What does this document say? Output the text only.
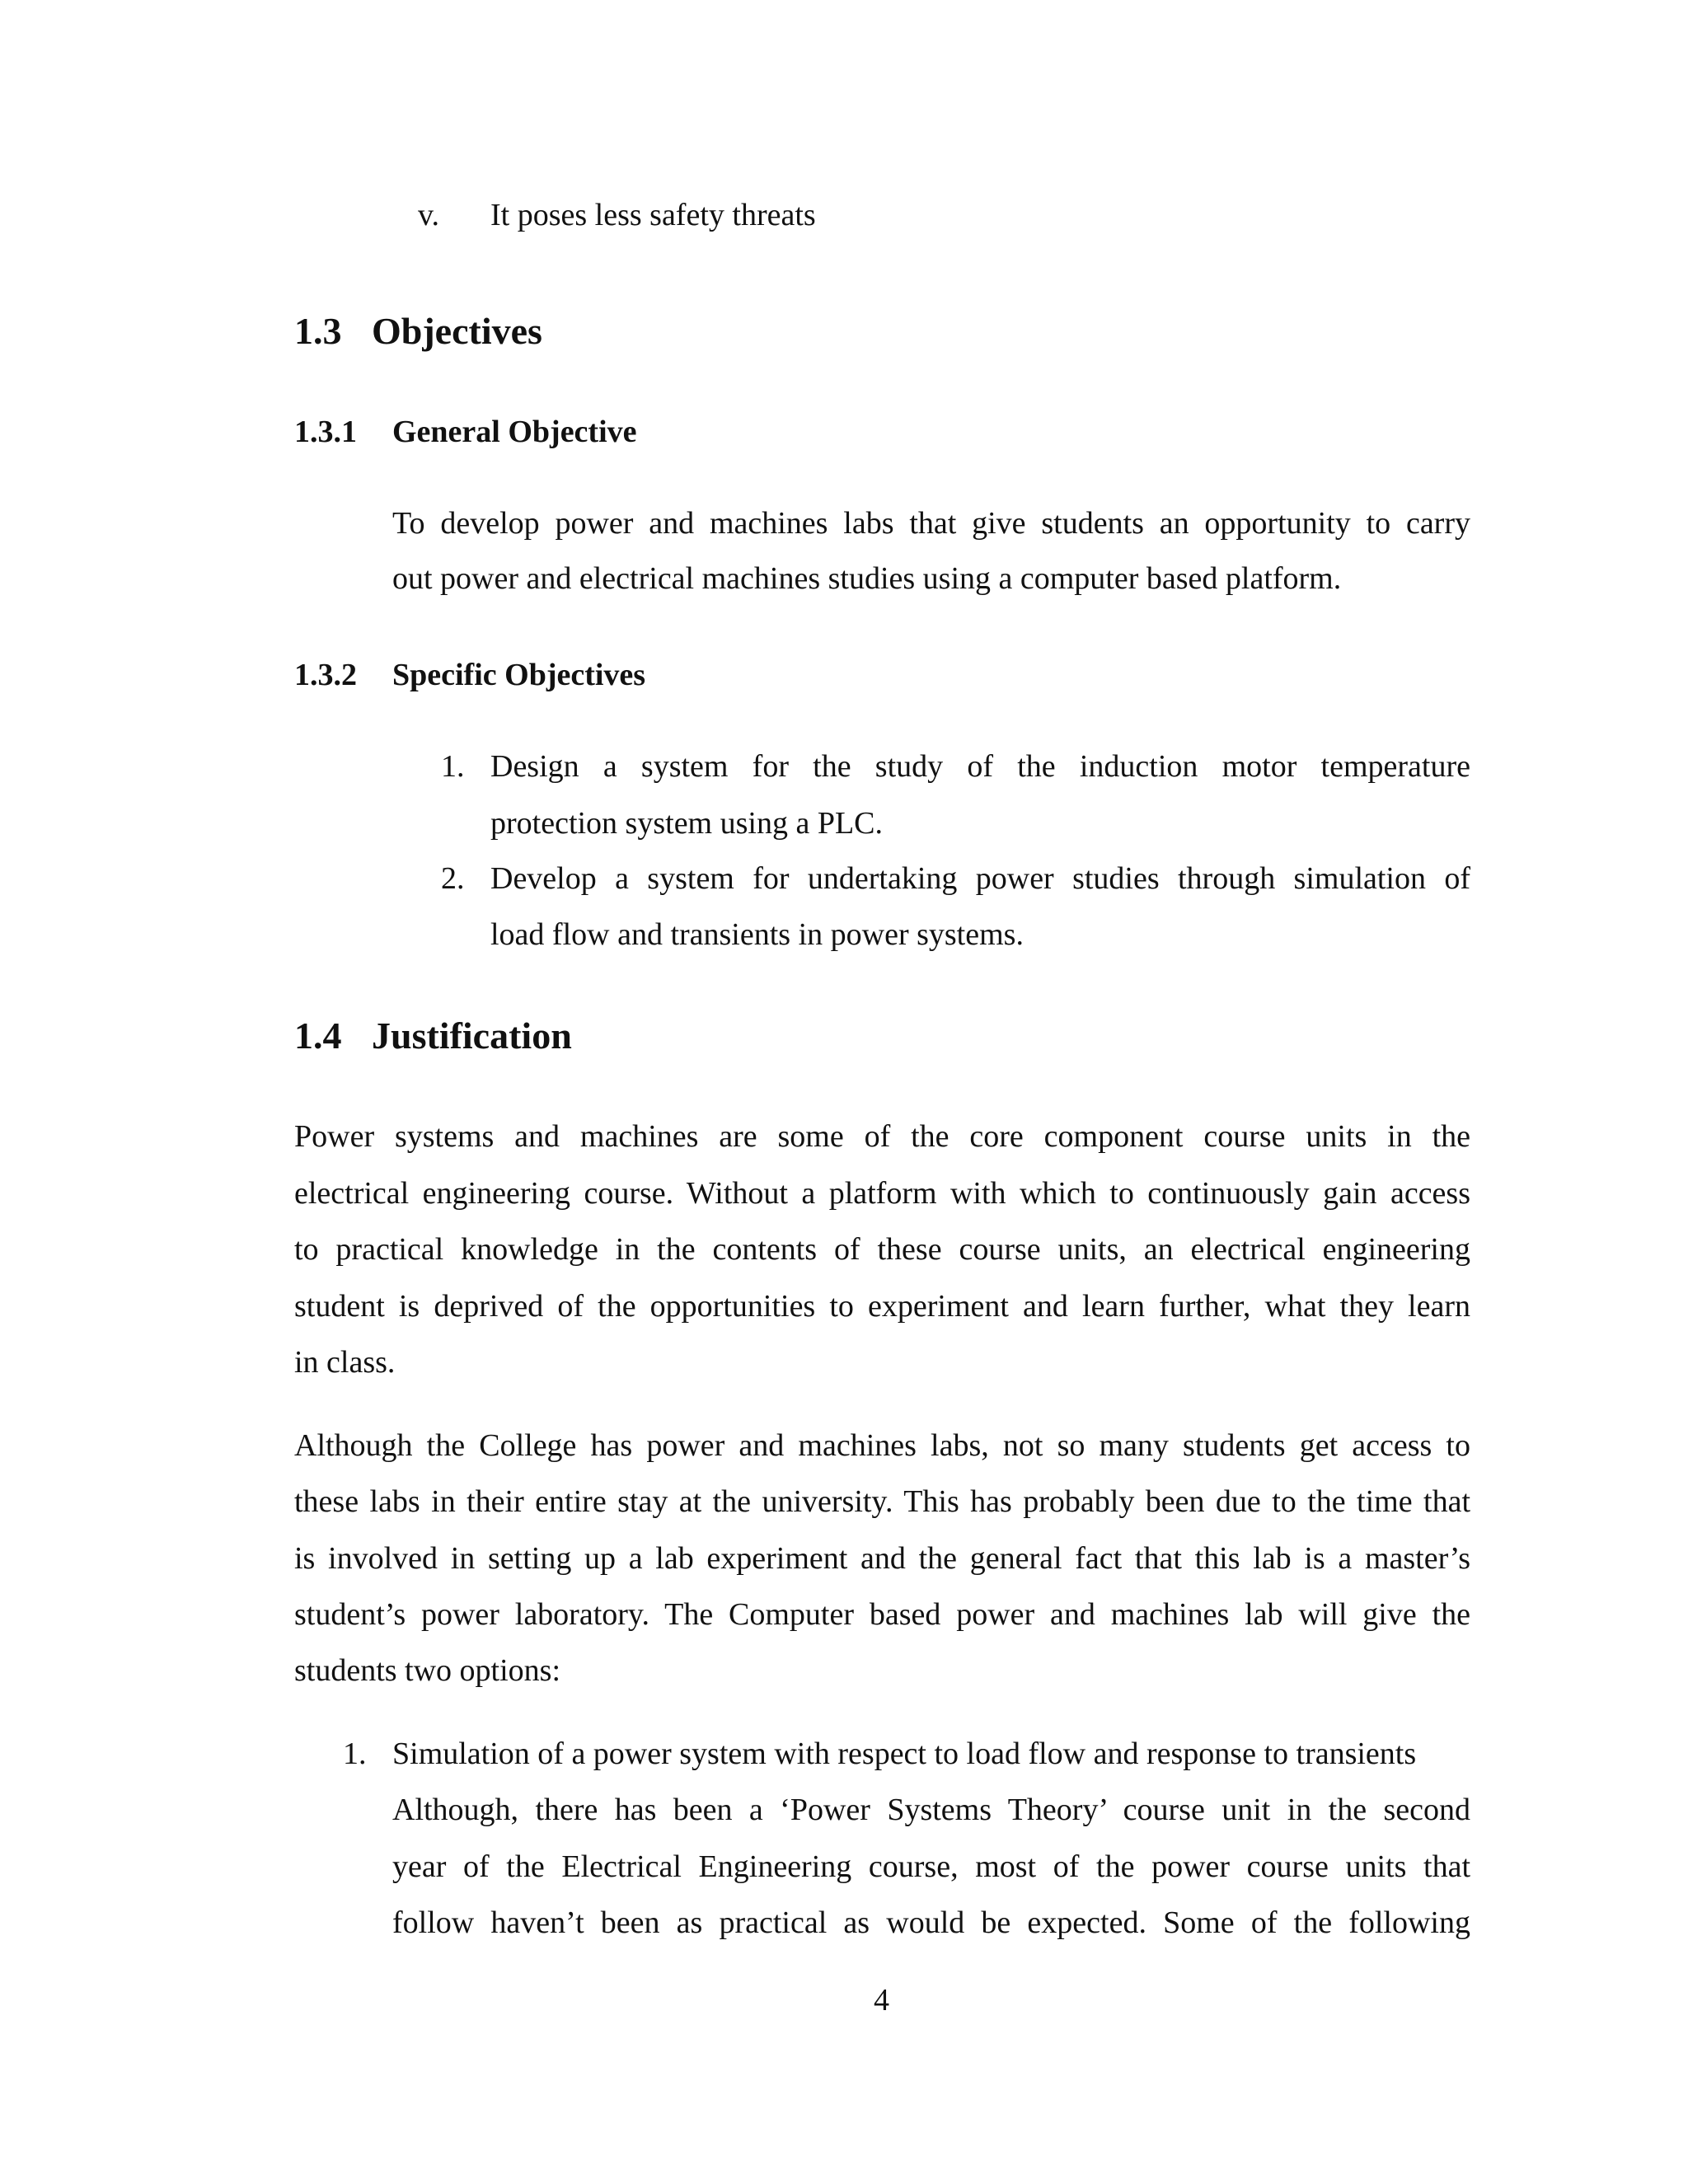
v. It poses less safety threats
1.3 Objectives
1.3.1 General Objective
To develop power and machines labs that give students an opportunity to carry
out power and electrical machines studies using a computer based platform.
1.3.2 Specific Objectives
1. Design a system for the study of the induction motor temperature
protection system using a PLC.
2. Develop a system for undertaking power studies through simulation of
load flow and transients in power systems.
1.4 Justification
Power systems and machines are some of the core component course units in the
electrical engineering course. Without a platform with which to continuously gain access
to practical knowledge in the contents of these course units, an electrical engineering
student is deprived of the opportunities to experiment and learn further, what they learn
in class.
Although the College has power and machines labs, not so many students get access to
these labs in their entire stay at the university. This has probably been due to the time that
is involved in setting up a lab experiment and the general fact that this lab is a master’s
student’s power laboratory. The Computer based power and machines lab will give the
students two options:
1. Simulation of a power system with respect to load flow and response to transients
Although, there has been a ‘Power Systems Theory’ course unit in the second
year of the Electrical Engineering course, most of the power course units that
follow haven’t been as practical as would be expected. Some of the following
4
